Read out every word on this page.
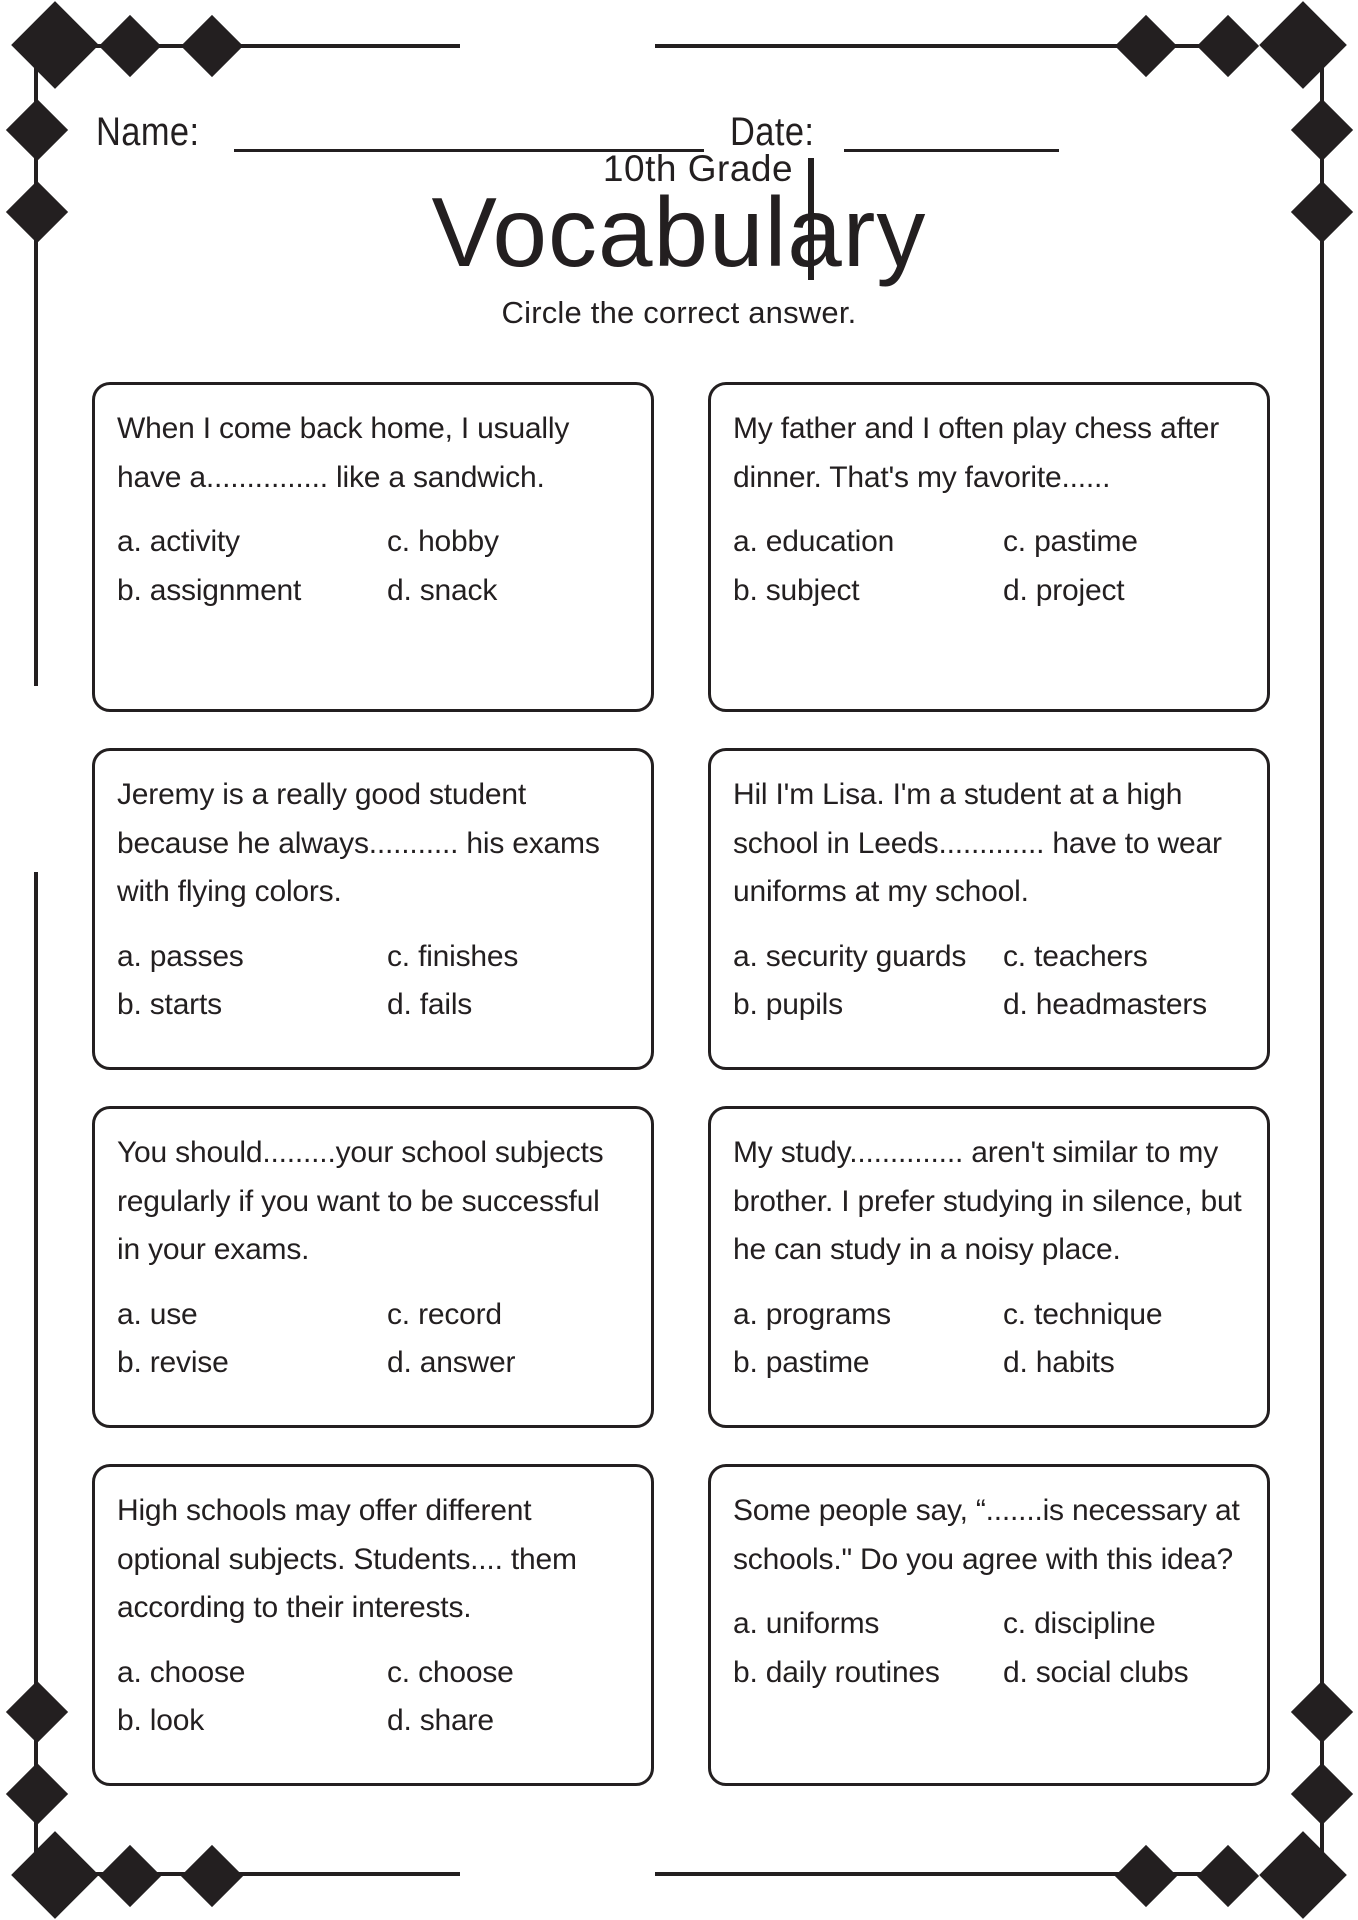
Name:	Date:
10th Grade
Vocabulary
Circle the correct answer.

When I come back home, I usually have a............... like a sandwich.

a. activity	c. hobby
b. assignment	d. snack

My father and I often play chess after dinner. That's my favorite......

a. education	c. pastime
b. subject	d. project

Jeremy is a really good student because he always........... his exams with flying colors.

a. passes	c. finishes
b. starts	d. fails

Hil I'm Lisa. I'm a student at a high school in Leeds............. have to wear uniforms at my school.

a. security guards	c. teachers
b. pupils	d. headmasters

You should.........your school subjects regularly if you want to be successful in your exams.

a. use	c. record
b. revise	d. answer

My study.............. aren't similar to my brother. I prefer studying in silence, but he can study in a noisy place.

a. programs	c. technique
b. pastime	d. habits

High schools may offer different optional subjects. Students.... them according to their interests.

a. choose	c. choose
b. look	d. share

Some people say, “.......is necessary at schools." Do you agree with this idea?

a. uniforms	c. discipline
b. daily routines	d. social clubs
